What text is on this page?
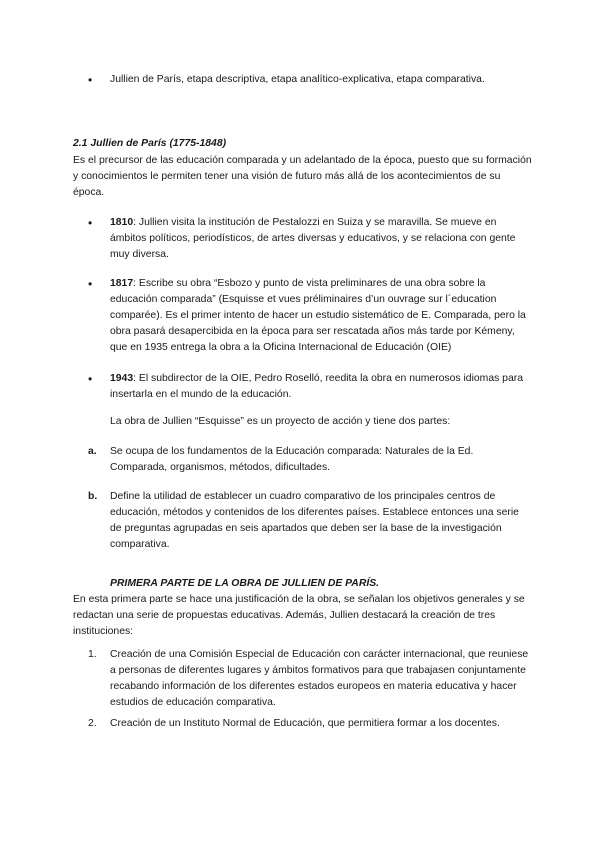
• Jullien de París, etapa descriptiva, etapa analítico-explicativa, etapa comparativa.

2.1 Jullien de París (1775-1848)

Es el precursor de las educación comparada y un adelantado de la época, puesto que su formación y conocimientos le permiten tener una visión de futuro más allá de los acontecimientos de su época.

• 1810: Jullien visita la institución de Pestalozzi en Suiza y se maravilla. Se mueve en ámbitos políticos, periodísticos, de artes diversas y educativos, y se relaciona con gente muy diversa.

• 1817: Escribe su obra “Esbozo y punto de vista preliminares de una obra sobre la educación comparada” (Esquisse et vues préliminaires d’un ouvrage sur l´education comparée). Es el primer intento de hacer un estudio sistemático de E. Comparada, pero la obra pasará desapercibida en la época para ser rescatada años más tarde por Kémeny, que en 1935 entrega la obra a la Oficina Internacional de Educación (OIE)

• 1943: El subdirector de la OIE, Pedro Roselló, reedita la obra en numerosos idiomas para insertarla en el mundo de la educación.

La obra de Jullien “Esquisse” es un proyecto de acción y tiene dos partes:

a. Se ocupa de los fundamentos de la Educación comparada: Naturales de la Ed. Comparada, organismos, métodos, dificultades.

b. Define la utilidad de establecer un cuadro comparativo de los principales centros de educación, métodos y contenidos de los diferentes países. Establece entonces una serie de preguntas agrupadas en seis apartados que deben ser la base de la investigación comparativa.

PRIMERA PARTE DE LA OBRA DE JULLIEN DE PARÍS.

En esta primera parte se hace una justificación de la obra, se señalan los objetivos generales y se redactan una serie de propuestas educativas. Además, Jullien destacará la creación de tres instituciones:

1. Creación de una Comisión Especial de Educación con carácter internacional, que reuniese a personas de diferentes lugares y ámbitos formativos para que trabajasen conjuntamente recabando información de los diferentes estados europeos en materia educativa y hacer estudios de educación comparativa.

2. Creación de un Instituto Normal de Educación, que permitiera formar a los docentes.
